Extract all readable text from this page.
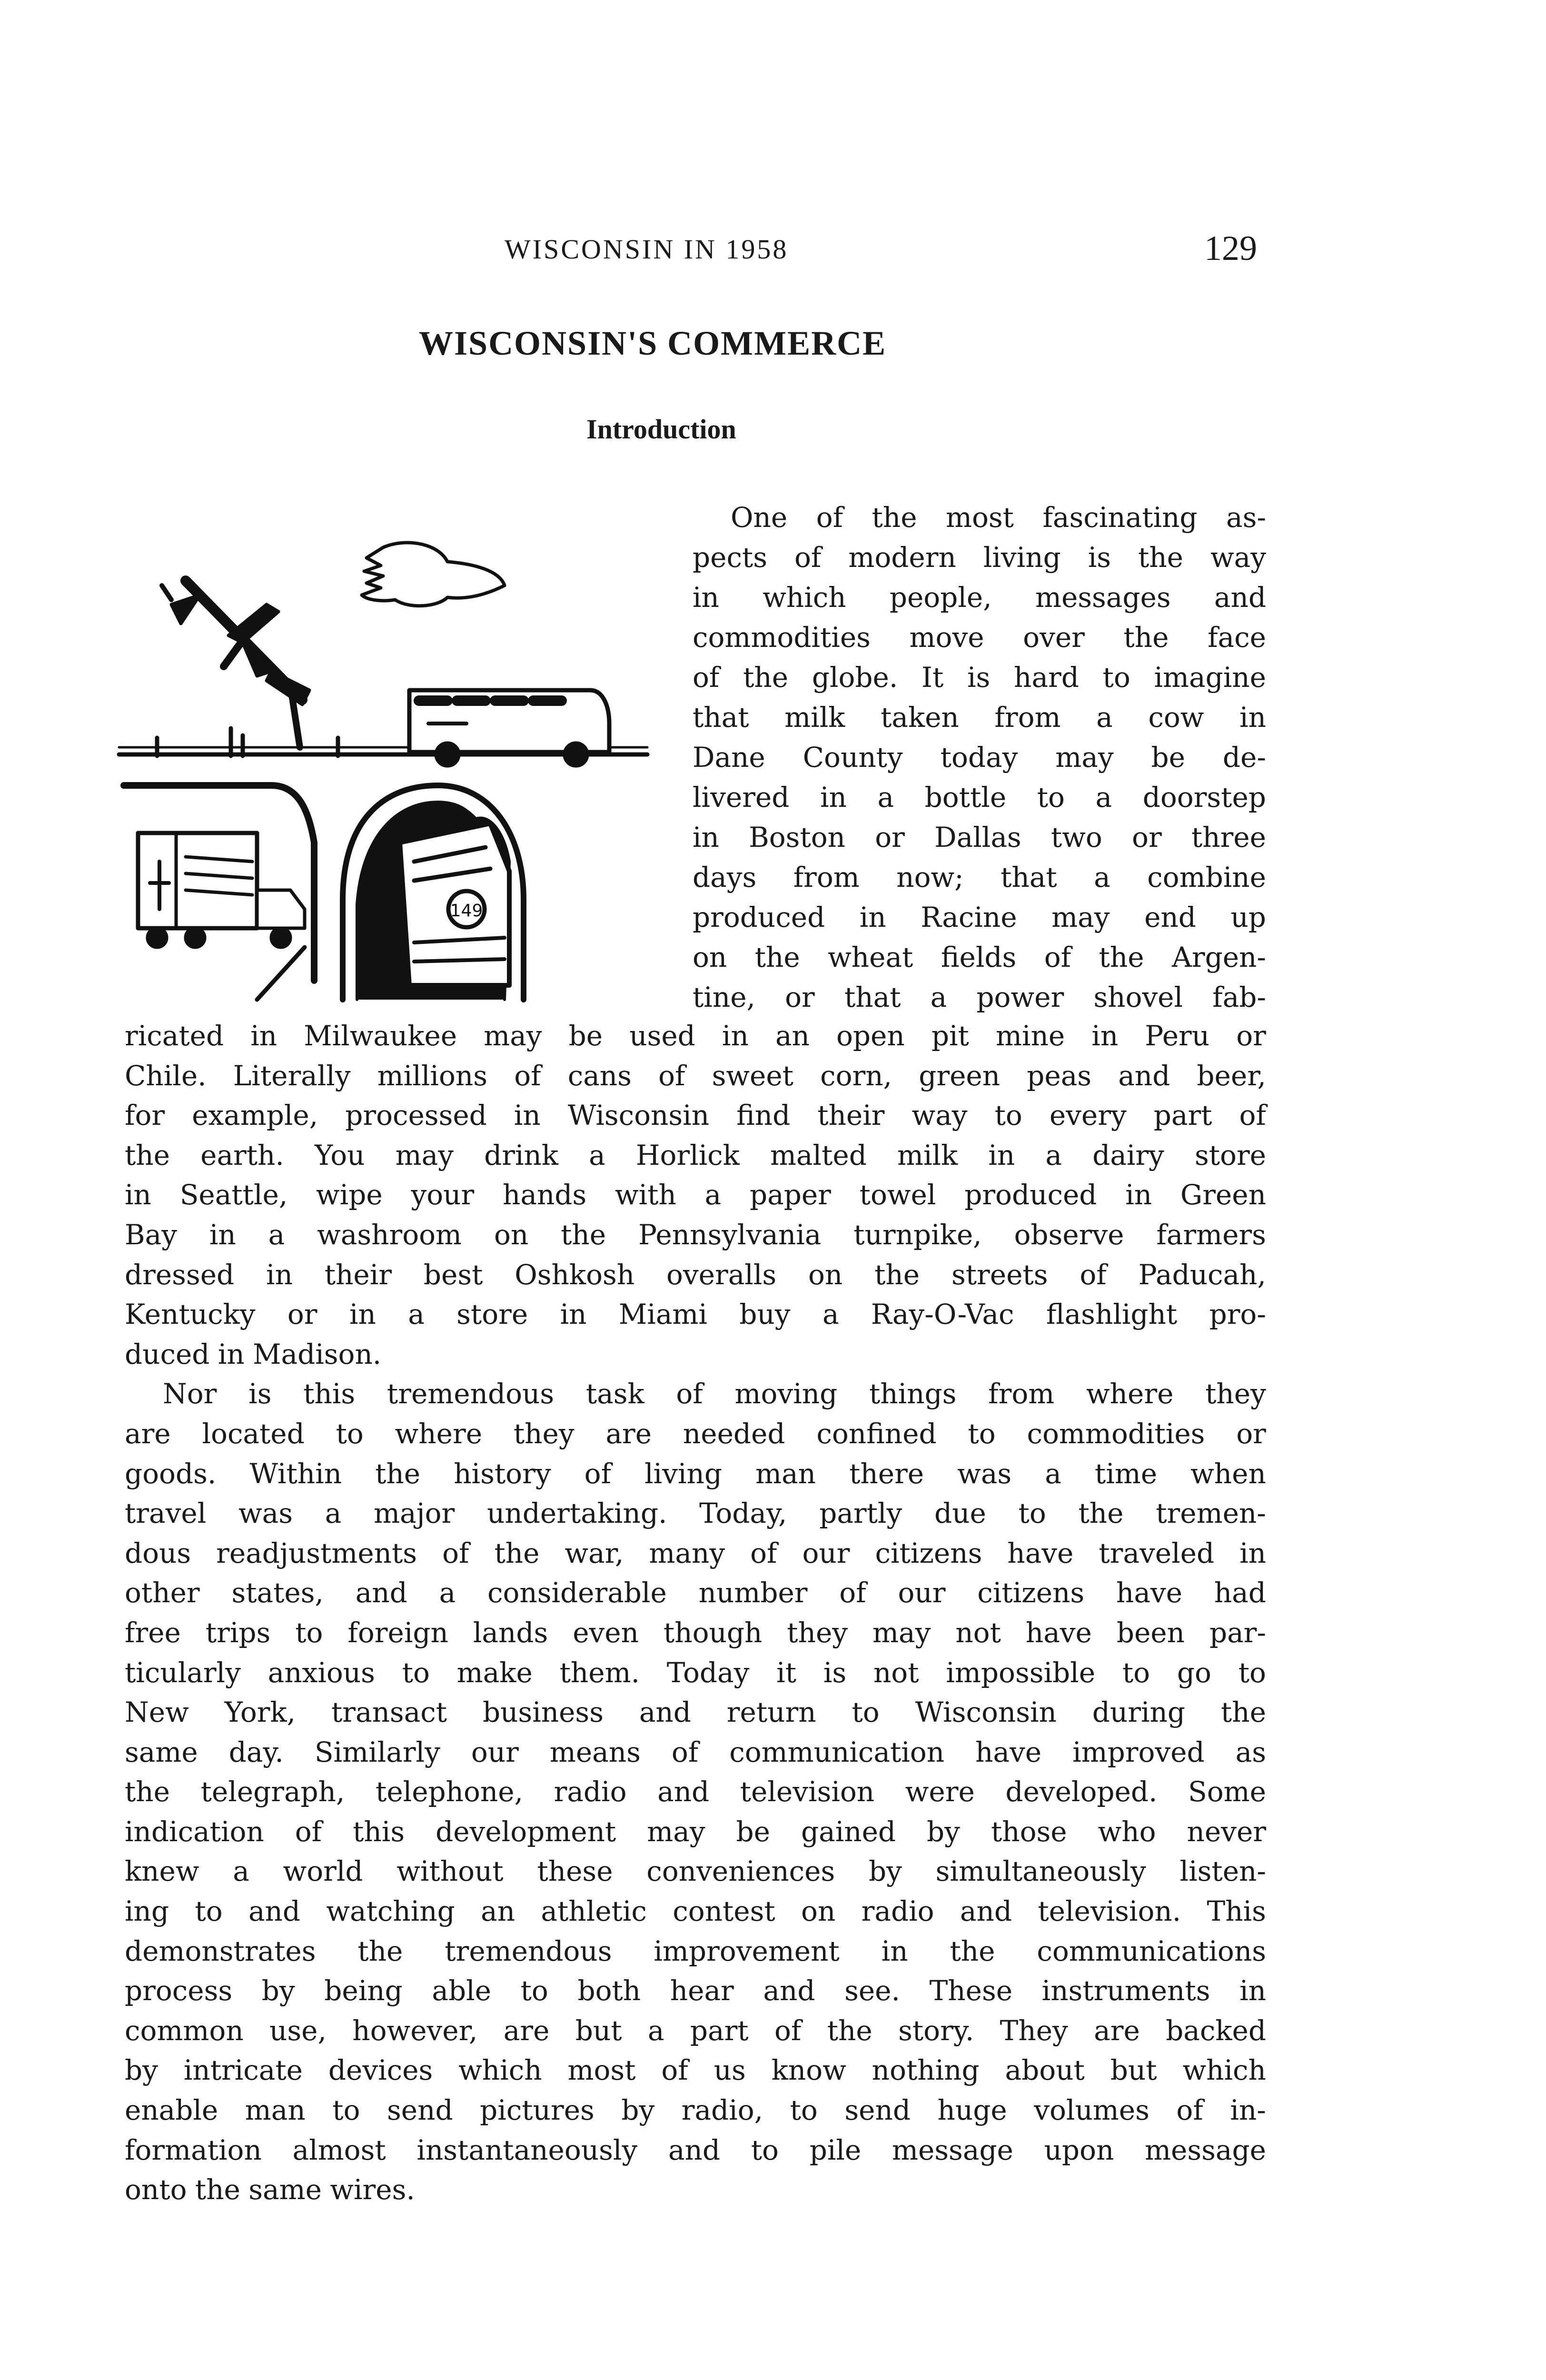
WISCONSIN IN 1958	129
WISCONSIN'S COMMERCE
Introduction
149
One of the most fascinating as-
pects of modern living is the way
in which people, messages and
commodities move over the face
of the globe. It is hard to imagine
that milk taken from a cow in
Dane County today may be de-
livered in a bottle to a doorstep
in Boston or Dallas two or three
days from now; that a combine
produced in Racine may end up
on the wheat fields of the Argen-
tine, or that a power shovel fab-
ricated in Milwaukee may be used in an open pit mine in Peru or
Chile. Literally millions of cans of sweet corn, green peas and beer,
for example, processed in Wisconsin find their way to every part of
the earth. You may drink a Horlick malted milk in a dairy store
in Seattle, wipe your hands with a paper towel produced in Green
Bay in a washroom on the Pennsylvania turnpike, observe farmers
dressed in their best Oshkosh overalls on the streets of Paducah,
Kentucky or in a store in Miami buy a Ray-O-Vac flashlight pro-
duced in Madison.
Nor is this tremendous task of moving things from where they
are located to where they are needed confined to commodities or
goods. Within the history of living man there was a time when
travel was a major undertaking. Today, partly due to the tremen-
dous readjustments of the war, many of our citizens have traveled in
other states, and a considerable number of our citizens have had
free trips to foreign lands even though they may not have been par-
ticularly anxious to make them. Today it is not impossible to go to
New York, transact business and return to Wisconsin during the
same day. Similarly our means of communication have improved as
the telegraph, telephone, radio and television were developed. Some
indication of this development may be gained by those who never
knew a world without these conveniences by simultaneously listen-
ing to and watching an athletic contest on radio and television. This
demonstrates the tremendous improvement in the communications
process by being able to both hear and see. These instruments in
common use, however, are but a part of the story. They are backed
by intricate devices which most of us know nothing about but which
enable man to send pictures by radio, to send huge volumes of in-
formation almost instantaneously and to pile message upon message
onto the same wires.
